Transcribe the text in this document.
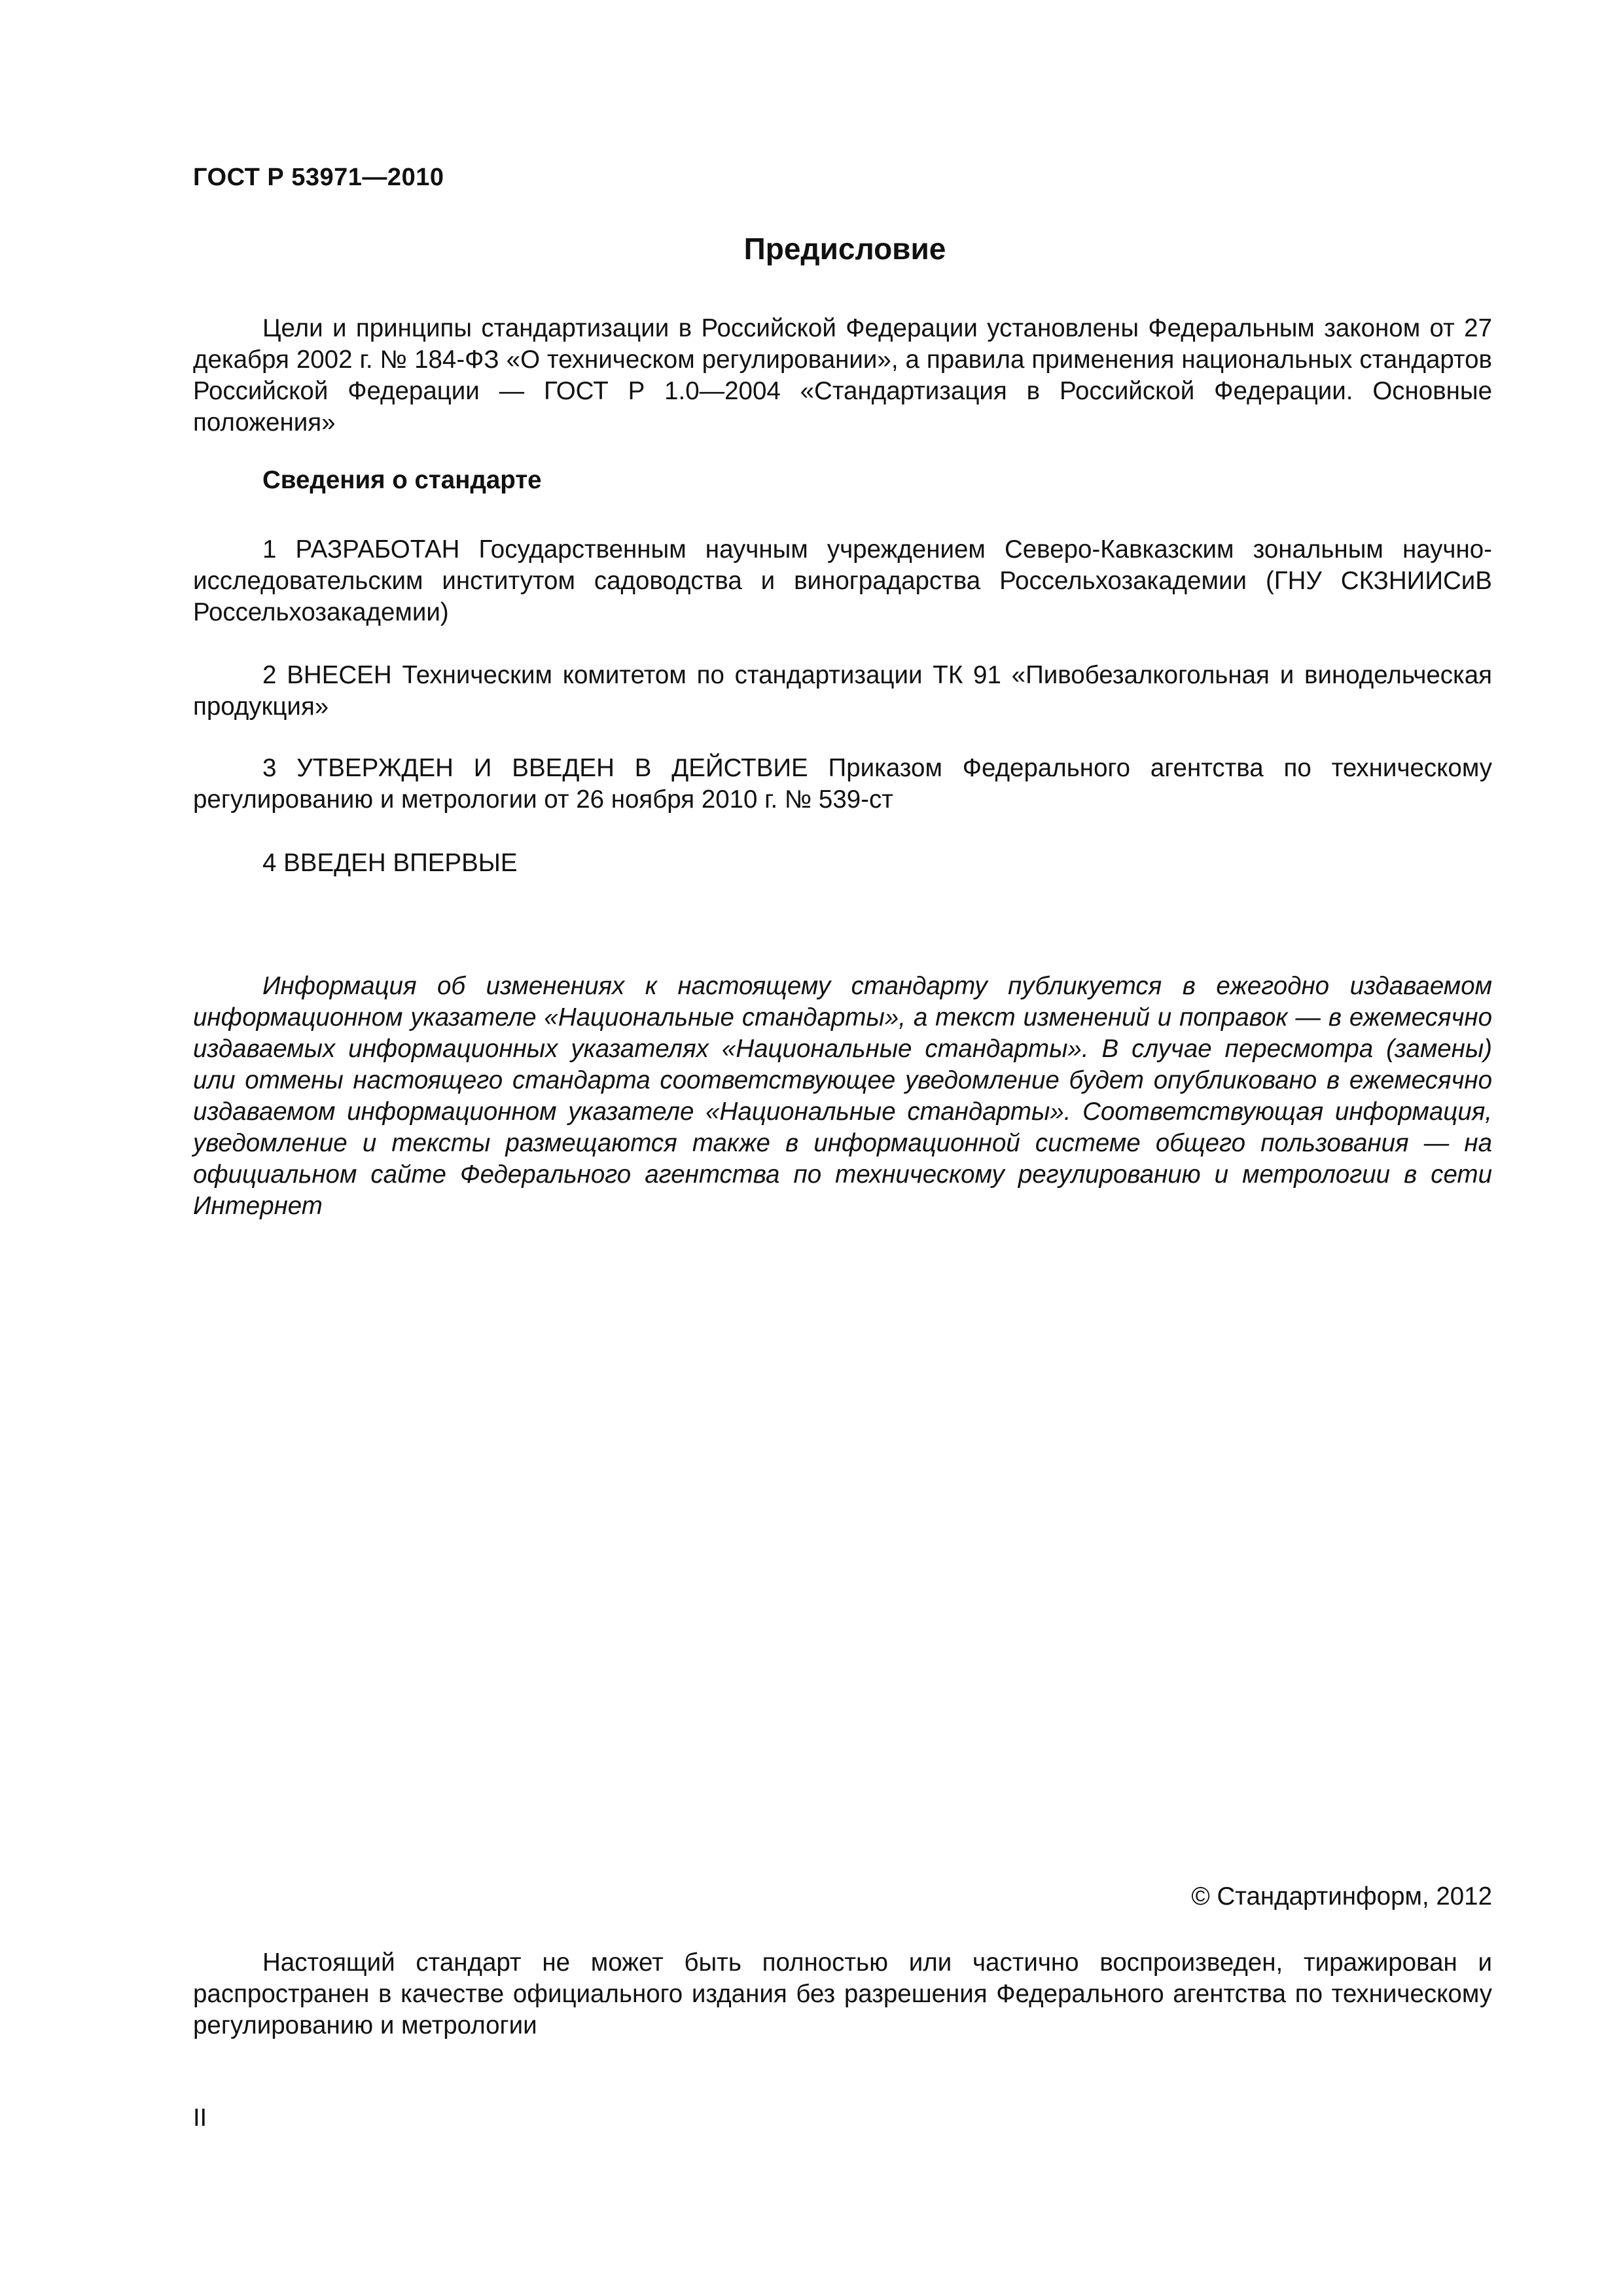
ГОСТ Р 53971—2010
Предисловие

Цели и принципы стандартизации в Российской Федерации установлены Федеральным законом от 27 декабря 2002 г. № 184-ФЗ «О техническом регулировании», а правила применения национальных стандартов Российской Федерации — ГОСТ Р 1.0—2004 «Стандартизация в Российской Федерации. Основные положения»

Сведения о стандарте

1 РАЗРАБОТАН Государственным научным учреждением Северо-Кавказским зональным научно-исследовательским институтом садоводства и виноградарства Россельхозакадемии (ГНУ СКЗНИИСиВ Россельхозакадемии)

2 ВНЕСЕН Техническим комитетом по стандартизации ТК 91 «Пивобезалкогольная и винодельческая продукция»

3 УТВЕРЖДЕН И ВВЕДЕН В ДЕЙСТВИЕ Приказом Федерального агентства по техническому регулированию и метрологии от 26 ноября 2010 г. № 539-ст

4 ВВЕДЕН ВПЕРВЫЕ

Информация об изменениях к настоящему стандарту публикуется в ежегодно издаваемом информационном указателе «Национальные стандарты», а текст изменений и поправок — в ежемесячно издаваемых информационных указателях «Национальные стандарты». В случае пересмотра (замены) или отмены настоящего стандарта соответствующее уведомление будет опубликовано в ежемесячно издаваемом информационном указателе «Национальные стандарты». Соответствующая информация, уведомление и тексты размещаются также в информационной системе общего пользования — на официальном сайте Федерального агентства по техническому регулированию и метрологии в сети Интернет

© Стандартинформ, 2012

Настоящий стандарт не может быть полностью или частично воспроизведен, тиражирован и распространен в качестве официального издания без разрешения Федерального агентства по техническому регулированию и метрологии

II
